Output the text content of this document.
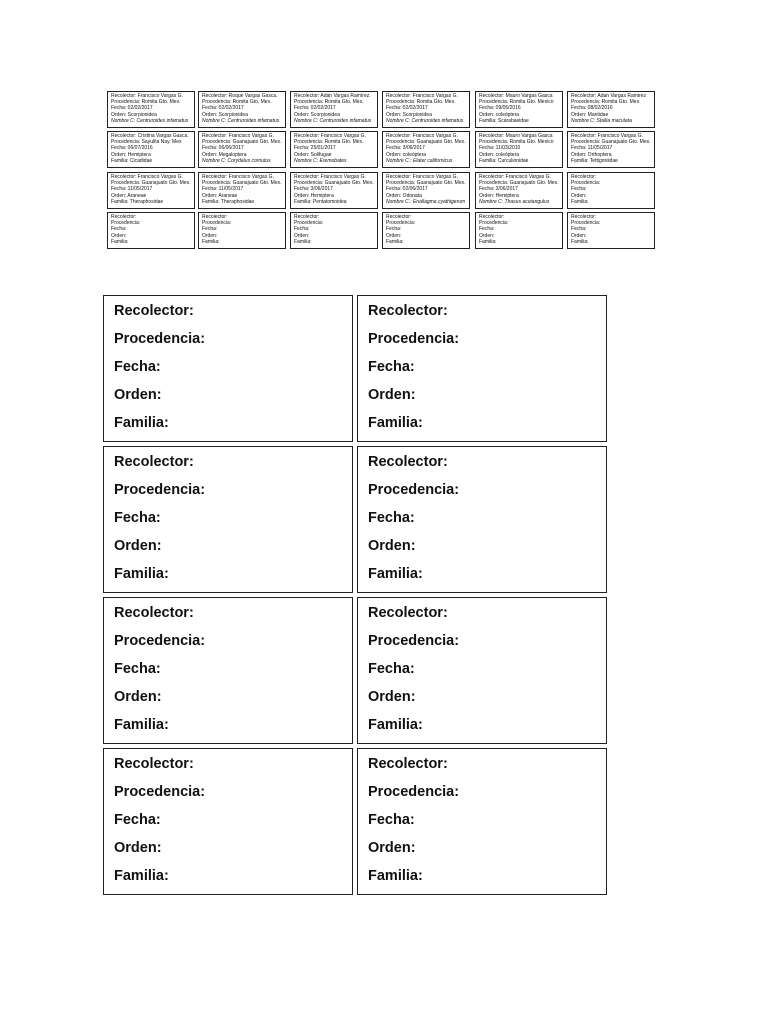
Recolector: Francisco Vargas G.
Procedencia: Romita Gto. Mex.
Fecha: 02/02/2017
Orden: Scorpionidea
Nombre C: Centruroides infamatus
Recolector: Roque Vargas Gasca.
Procedencia: Romita Gto. Mex.
Fecha: 02/02/2017
Orden: Scorpionidea
Nombre C: Centruroides infamatus
Recolector: Adán Vargas Ramírez.
Procedencia: Romita Gto. Mex.
Fecha: 02/02/2017
Orden: Scorpionidea
Nombre C: Centruroides infamatus
Recolector: Francisco Vargas G.
Procedencia: Romita Gto. Mex.
Fecha: 02/02/2017
Orden: Scorpionidea
Nombre C: Centruroides infamatus
Recolector: Mauro Vargas Gasca
Procedencia: Romita Gto. Mexico
Fecha: 09/05/2016
Orden: coleóptera
Familia: Scarabaeidae
Recolector: Adan Vargas Ramirez
Procedencia: Romita Gto. Mex
Fecha: 08/02/2016
Orden: Mantidae
Nombre C: Stallia maculata
Recolector: Cristina Vargas Gasca.
Procedencia: Sayulita Nay. Mex
Fecha: 06/07/2016
Orden: Hemiptera
Familia: Cicadidae
Recolector: Francisco Vargas G.
Procedencia: Guanajuato Gto. Mex.
Fecha: 06/06/2017
Orden: Megaloptera
Nombre C: Corydalus cornutus
Recolector: Francisco Vargas G.
Procedencia: Romita Gto. Mex.
Fecha: 25/01/2017
Orden: Solifugae
Nombre C: Eremobates
Recolector: Francisco Vargas G.
Procedencia: Guanajuato Gto. Mex.
Fecha: 3/06/2017
Orden: coleóptera
Nombre C.: Elater californicus
Recolector: Mauro Vargas Gasca
Procedencia: Romita Gto. Mexico
Fecha: 11/03/2010
Orden: coleóptera
Familia: Curculionidae
Recolector: Francisco Vargas G.
Procedencia: Guanajuato Gto. Mex.
Fecha: 11/05/2017
Orden: Orthoptera
Familia: Tettigoniidae
Recolector: Francisco Vargas G.
Procedencia: Guanajuato Gto. Mex.
Fecha: 11/05/2017
Orden: Araneae
Familia: Theraphosidae
Recolector: Francisco Vargas G.
Procedencia: Guanajuato Gto. Mex.
Fecha: 11/05/2017
Orden: Araneae
Familia: Theraphosidae
Recolector: Francisco Vargas G.
Procedencia: Guanajuato Gto. Mex.
Fecha: 3/06/2017
Orden: Hemiptera
Familia: Pentatomoidea
Recolector: Francisco Vargas G.
Procedencia: Guanajuato Gto. Mex.
Fecha: 02/06/2017
Orden: Odonata
Nombre C.: Enallagma cyathigerum
Recolector: Francisco Vargas G.
Procedencia: Guanajuato Gto. Mex.
Fecha: 3/06/2017
Orden: Hemiptera
Nombre C: Thasus acutangulus
Recolector:
Procedencia:
Fecha:
Orden:
Familia:
Recolector:
Procedencia:
Fecha:
Orden:
Familia:
Recolector:
Procedencia:
Fecha:
Orden:
Familia:
Recolector:
Procedencia:
Fecha:
Orden:
Familia:
Recolector:
Procedencia:
Fecha:
Orden:
Familia:
Recolector:
Procedencia:
Fecha:
Orden:
Familia:
Recolector:
Procedencia:
Fecha:
Orden:
Familia:
Recolector:
Procedencia:
Fecha:
Orden:
Familia:
Recolector:
Procedencia:
Fecha:
Orden:
Familia:
Recolector:
Procedencia:
Fecha:
Orden:
Familia:
Recolector:
Procedencia:
Fecha:
Orden:
Familia:
Recolector:
Procedencia:
Fecha:
Orden:
Familia:
Recolector:
Procedencia:
Fecha:
Orden:
Familia:
Recolector:
Procedencia:
Fecha:
Orden:
Familia:
Recolector:
Procedencia:
Fecha:
Orden:
Familia:
